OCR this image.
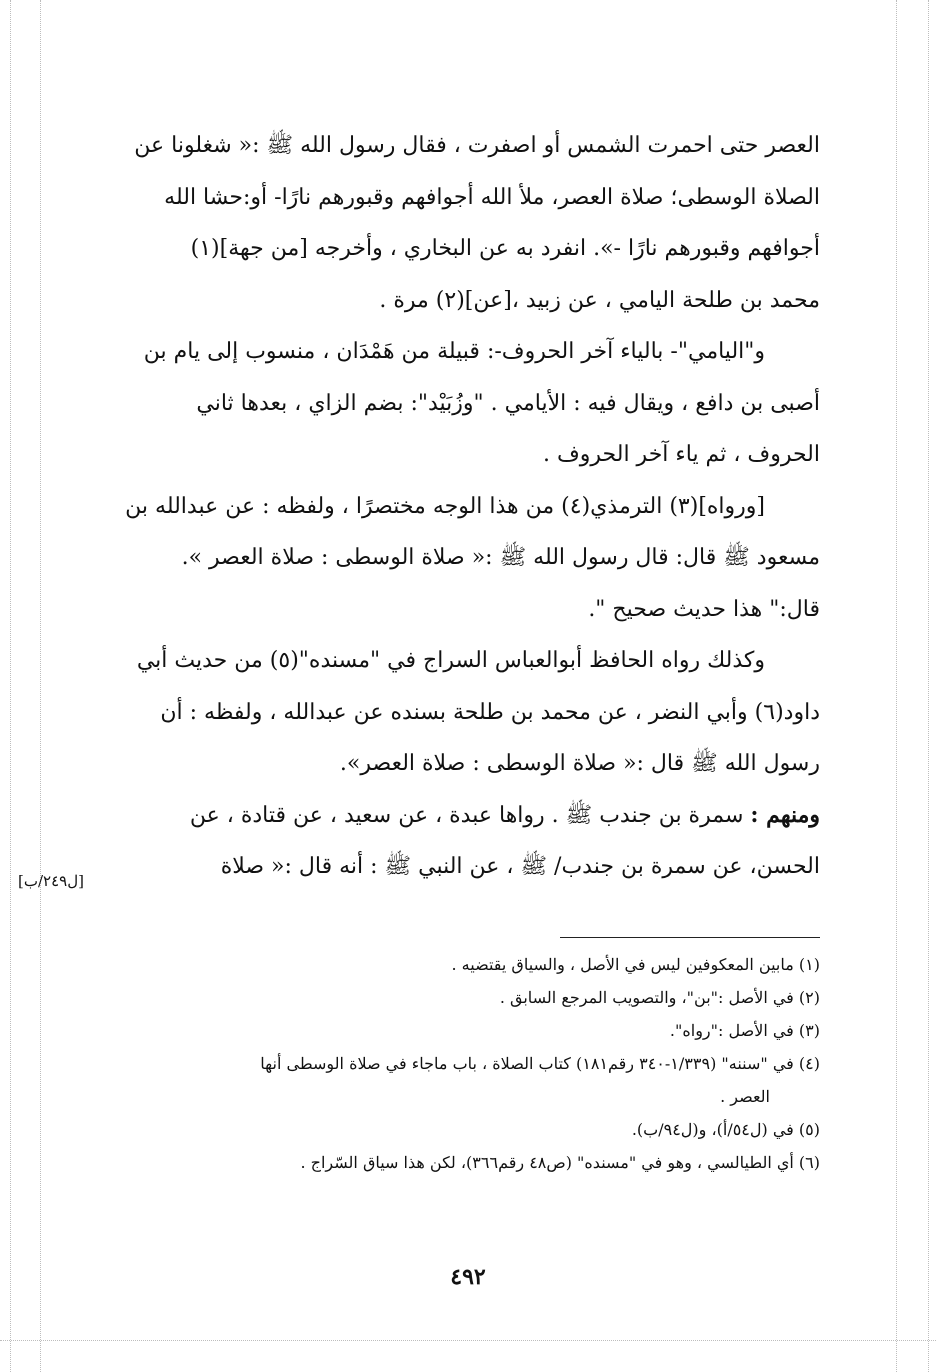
العصر حتى احمرت الشمس أو اصفرت ، فقال رسول الله ﷺ :« شغلونا عن
الصلاة الوسطى؛ صلاة العصر، ملأ الله أجوافهم وقبورهم نارًا- أو:حشا الله
أجوافهم وقبورهم نارًا -». انفرد به عن البخاري ، وأخرجه [من جهة](١)
محمد بن طلحة اليامي ، عن زبيد ،[عن](٢) مرة .
و"اليامي"- بالياء آخر الحروف-: قبيلة من هَمْدَان ، منسوب إلى يام بن
أصبى بن دافع ، ويقال فيه : الأيامي . "وزُبَيْد": بضم الزاي ، بعدها ثاني
الحروف ، ثم ياء آخر الحروف .
[ورواه](٣) الترمذي(٤) من هذا الوجه مختصرًا ، ولفظه : عن عبدالله بن
مسعود ﷺ قال: قال رسول الله ﷺ :« صلاة الوسطى : صلاة العصر ».
قال:" هذا حديث صحيح ".
وكذلك رواه الحافظ أبوالعباس السراج في "مسنده"(٥) من حديث أبي
داود(٦) وأبي النضر ، عن محمد بن طلحة بسنده عن عبدالله ، ولفظه : أن
رسول الله ﷺ قال :« صلاة الوسطى : صلاة العصر».
ومنهم : سمرة بن جندب ﷺ . رواها عبدة ، عن سعيد ، عن قتادة ، عن
الحسن، عن سمرة بن جندب/ ﷺ ، عن النبي ﷺ : أنه قال :« صلاة
[ل٢٤٩/ب]
(١) مابين المعكوفين ليس في الأصل ، والسياق يقتضيه .
(٢) في الأصل :"بن"، والتصويب المرجع السابق .
(٣) في الأصل :"رواه".
(٤) في "سننه" (١/٣٣٩-٣٤٠ رقم١٨١) كتاب الصلاة ، باب ماجاء في صلاة الوسطى أنها
العصر .
(٥) في (ل٥٤/أ)، و(ل٩٤/ب).
(٦) أي الطيالسي ، وهو في "مسنده" (ص٤٨ رقم٣٦٦)، لكن هذا سياق السّراج .
٤٩٢
